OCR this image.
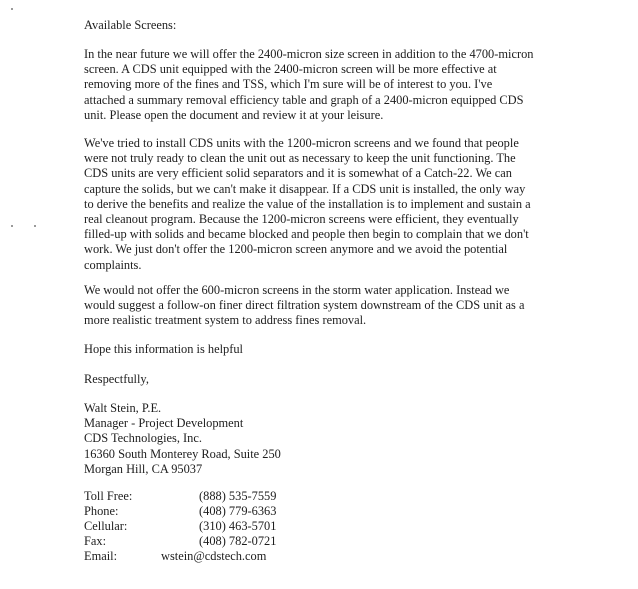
Available Screens:
In the near future we will offer the 2400-micron size screen in addition to the 4700-micron
screen. A CDS unit equipped with the 2400-micron screen will be more effective at
removing more of the fines and TSS, which I'm sure will be of interest to you. I've
attached a summary removal efficiency table and graph of a 2400-micron equipped CDS
unit. Please open the document and review it at your leisure.
We've tried to install CDS units with the 1200-micron screens and we found that people
were not truly ready to clean the unit out as necessary to keep the unit functioning. The
CDS units are very efficient solid separators and it is somewhat of a Catch-22. We can
capture the solids, but we can't make it disappear. If a CDS unit is installed, the only way
to derive the benefits and realize the value of the installation is to implement and sustain a
real cleanout program. Because the 1200-micron screens were efficient, they eventually
filled-up with solids and became blocked and people then begin to complain that we don't
work. We just don't offer the 1200-micron screen anymore and we avoid the potential
complaints.
We would not offer the 600-micron screens in the storm water application. Instead we
would suggest a follow-on finer direct filtration system downstream of the CDS unit as a
more realistic treatment system to address fines removal.
Hope this information is helpful
Respectfully,
Walt Stein, P.E.
Manager - Project Development
CDS Technologies, Inc.
16360 South Monterey Road, Suite 250
Morgan Hill, CA 95037
Toll Free:	(888) 535-7559
Phone:	(408) 779-6363
Cellular:	(310) 463-5701
Fax:	(408) 782-0721
Email:	wstein@cdstech.com
